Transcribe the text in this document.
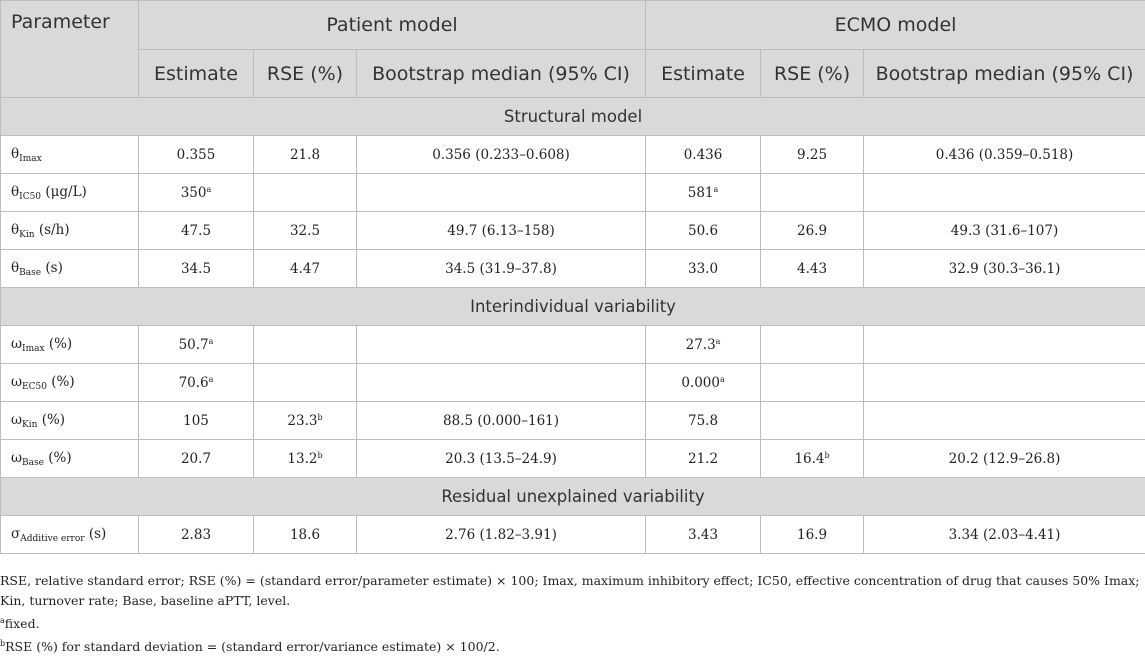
Parameter	Patient model			ECMO model		
	Estimate	RSE (%)	Bootstrap median (95% CI)	Estimate	RSE (%)	Bootstrap median (95% CI)
Structural model						
$\theta_{Imax}$	0.355	21.8	0.356 (0.233–0.608)	0.436	9.25	0.436 (0.359–0.518)
$\theta_{IC50}$ (μg/L)	350$^a$			581$^a$		
$\theta_{Kin}$ (s/h)	47.5	32.5	49.7 (6.13–158)	50.6	26.9	49.3 (31.6–107)
$\theta_{Base}$ (s)	34.5	4.47	34.5 (31.9–37.8)	33.0	4.43	32.9 (30.3–36.1)
Interindividual variability						
$\omega_{Imax}$ (%)	50.7$^a$			27.3$^a$		
$\omega_{EC50}$ (%)	70.6$^a$			0.000$^a$		
$\omega_{Kin}$ (%)	105	23.3$^b$	88.5 (0.000–161)	75.8		
$\omega_{Base}$ (%)	20.7	13.2$^b$	20.3 (13.5–24.9)	21.2	16.4$^b$	20.2 (12.9–26.8)
Residual unexplained variability						
$\sigma_{Additive error}$ (s)	2.83	18.6	2.76 (1.82–3.91)	3.43	16.9	3.34 (2.03–4.41)

RSE, relative standard error; RSE (%) = (standard error/parameter estimate) × 100; Imax, maximum inhibitory effect; IC50, effective concentration of drug that causes 50% Imax; Kin, turnover rate; Base, baseline aPTT, level.

$^a$fixed.

$^b$RSE (%) for standard deviation = (standard error/variance estimate) × 100/2.
